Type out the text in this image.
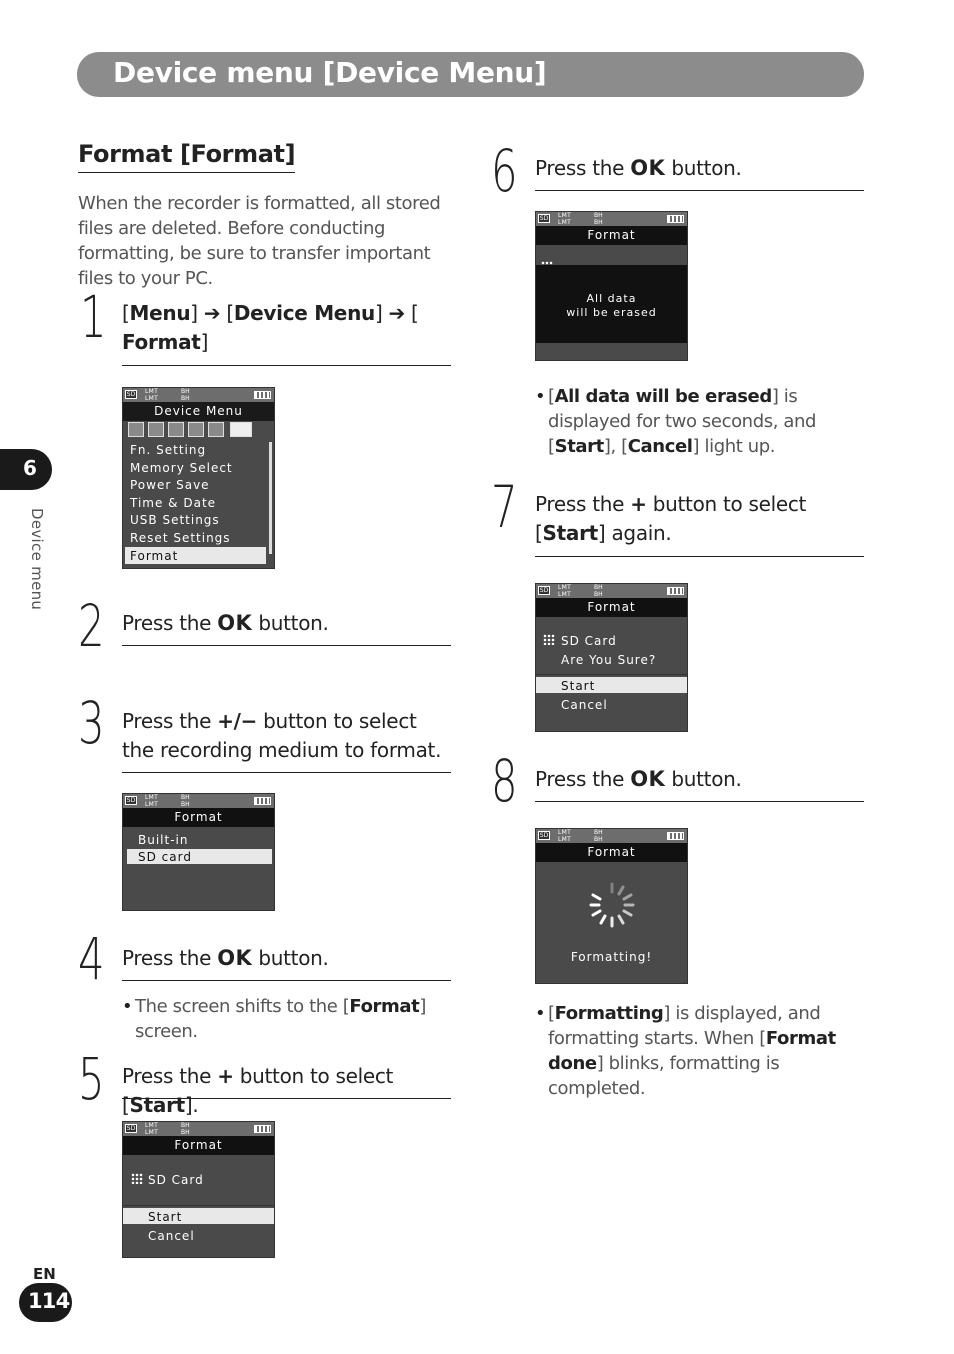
Device menu [Device Menu]
Format [Format]
When the recorder is formatted, all stored files are deleted. Before conducting formatting, be sure to transfer important files to your PC.
6
Device menu
EN
114
1 [Menu] ➔ [Device Menu] ➔ [
Format]
SD LMT
LMT
BH
BH
Device Menu
Fn. Setting
Memory Select
Power Save
Time & Date
USB Settings
Reset Settings
Format
2 Press the OK button.
3 Press the +/− button to select the recording medium to format.
SD LMT
LMT
BH
BH
Format
Built-in
SD card
4 Press the OK button.
• The screen shifts to the [Format] screen.
5 Press the + button to select [Start].
SD LMT
LMT
BH
BH
Format
SD Card
Start
Cancel
6 Press the OK button.
SD LMT
LMT
BH
BH
Format
All data
will be erased
• [All data will be erased] is displayed for two seconds, and [Start], [Cancel] light up.
7 Press the + button to select [Start] again.
SD LMT
LMT
BH
BH
Format
SD Card
Are You Sure?
Start
Cancel
8 Press the OK button.
SD LMT
LMT
BH
BH
Format
Formatting!
• [Formatting] is displayed, and formatting starts. When [Format done] blinks, formatting is completed.
